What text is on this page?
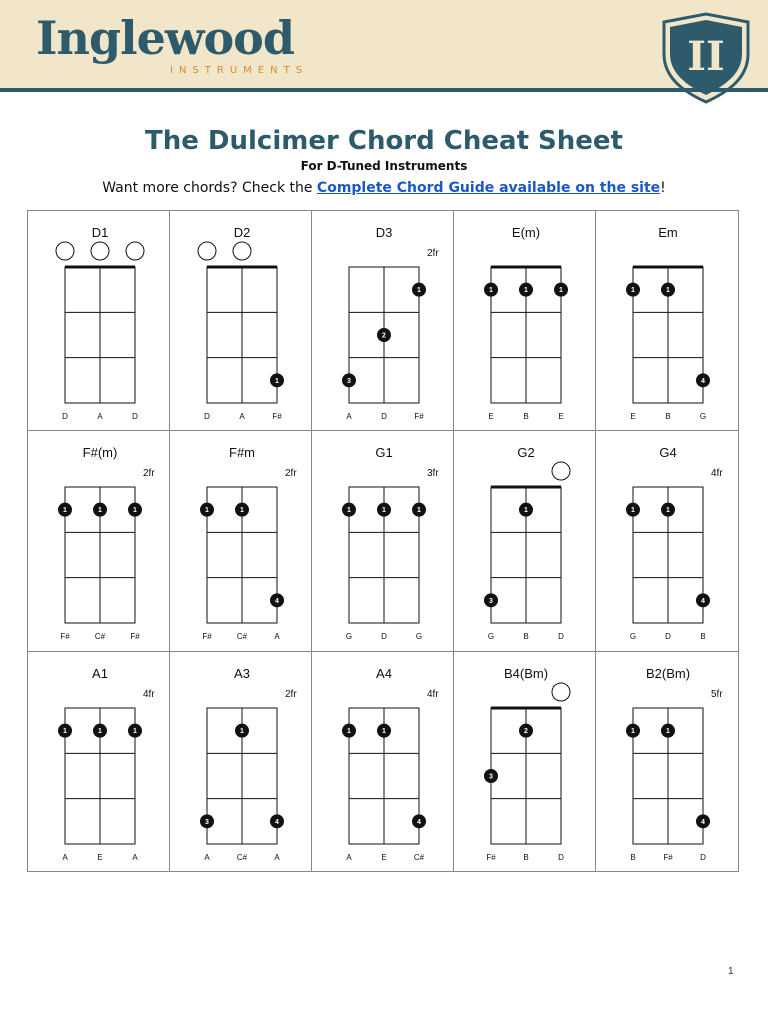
Inglewood
INSTRUMENTS	II
The Dulcimer Chord Cheat Sheet
For D-Tuned Instruments
Want more chords? Check the Complete Chord Guide available on the site!
D1
D	A	D
D2
1
D	A	F#
D3
2fr
1
2
3
A	D	F#
E(m)
1	1	1
E	B	E
Em
1	1
4
E	B	G
F#(m)
2fr
1	1	1
F#	C#	F#
F#m
2fr
1	1
4
F#	C#	A
G1
3fr
1	1	1
G	D	G
G2
1
3
G	B	D
G4
4fr
1	1
4
G	D	B
A1
4fr
1	1	1
A	E	A
A3
2fr
1
3	4
A	C#	A
A4
4fr
1	1
4
A	E	C#
B4(Bm)
2
3
F#	B	D
B2(Bm)
5fr
1	1
4
B	F#	D
1
